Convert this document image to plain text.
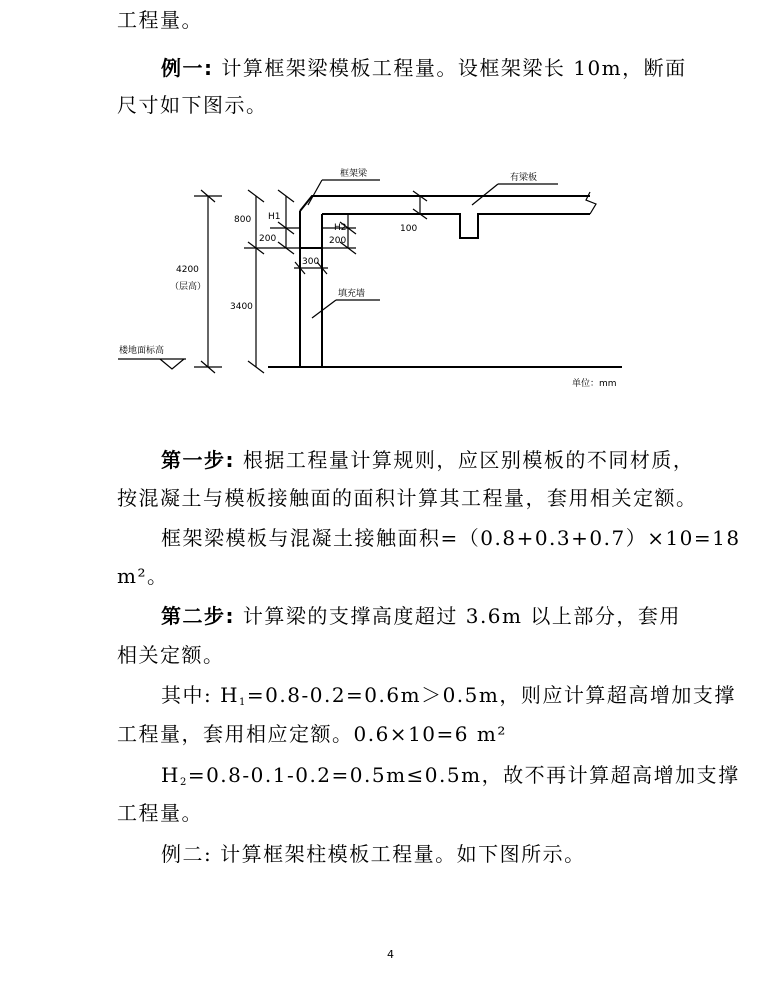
工程量。
例一: 计算框架梁模板工程量。设框架梁长 10m，断面
尺寸如下图示。
楼地面标高
框架梁	有梁板
填充墙
4200
（层高）
800
3400
H1
200
H2
200
300
100
单位：mm
第一步: 根据工程量计算规则，应区别模板的不同材质，
按混凝土与模板接触面的面积计算其工程量，套用相关定额。
框架梁模板与混凝土接触面积=（0.8+0.3+0.7）×10=18
m²。
第二步: 计算梁的支撑高度超过 3.6m 以上部分，套用
相关定额。
其中: $H_1=0.8-0.2=0.6m>0.5m$，则应计算超高增加支撑
工程量，套用相应定额。0.6×10=6 m²
$H_2=0.8-0.1-0.2=0.5m\le 0.5m$，故不再计算超高增加支撑
工程量。
例二: 计算框架柱模板工程量。如下图所示。
4
